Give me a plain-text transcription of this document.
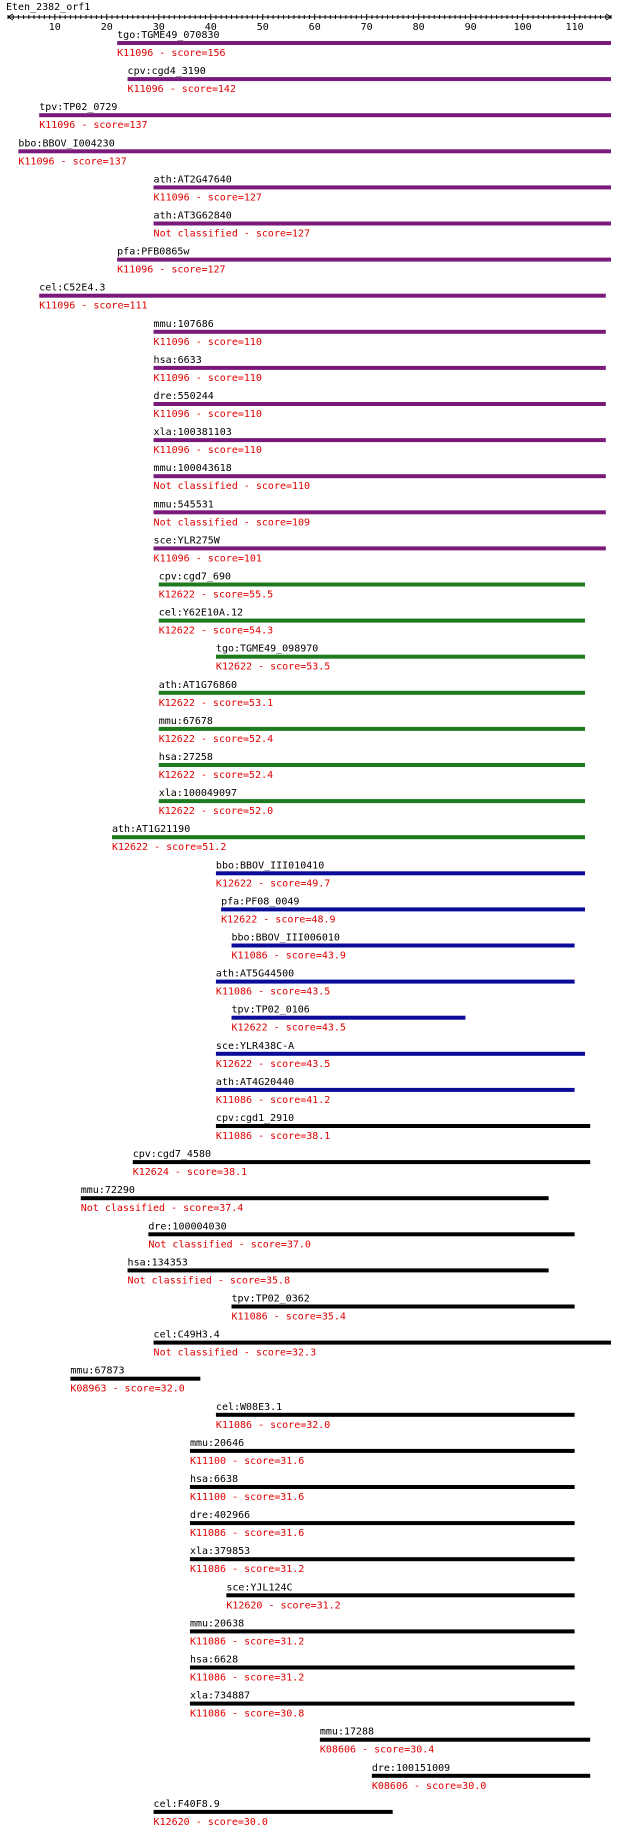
Eten_2382_orf1
10	20	30	40	50	60	70	80	90	100	110
tgo:TGME49_070830
K11096 - score=156
cpv:cgd4_3190
K11096 - score=142
tpv:TP02_0729
K11096 - score=137
bbo:BBOV_I004230
K11096 - score=137
ath:AT2G47640
K11096 - score=127
ath:AT3G62840
Not classified - score=127
pfa:PFB0865w
K11096 - score=127
cel:C52E4.3
K11096 - score=111
mmu:107686
K11096 - score=110
hsa:6633
K11096 - score=110
dre:550244
K11096 - score=110
xla:100381103
K11096 - score=110
mmu:100043618
Not classified - score=110
mmu:545531
Not classified - score=109
sce:YLR275W
K11096 - score=101
cpv:cgd7_690
K12622 - score=55.5
cel:Y62E10A.12
K12622 - score=54.3
tgo:TGME49_098970
K12622 - score=53.5
ath:AT1G76860
K12622 - score=53.1
mmu:67678
K12622 - score=52.4
hsa:27258
K12622 - score=52.4
xla:100049097
K12622 - score=52.0
ath:AT1G21190
K12622 - score=51.2
bbo:BBOV_III010410
K12622 - score=49.7
pfa:PF08_0049
K12622 - score=48.9
bbo:BBOV_III006010
K11086 - score=43.9
ath:AT5G44500
K11086 - score=43.5
tpv:TP02_0106
K12622 - score=43.5
sce:YLR438C-A
K12622 - score=43.5
ath:AT4G20440
K11086 - score=41.2
cpv:cgd1_2910
K11086 - score=38.1
cpv:cgd7_4580
K12624 - score=38.1
mmu:72290
Not classified - score=37.4
dre:100004030
Not classified - score=37.0
hsa:134353
Not classified - score=35.8
tpv:TP02_0362
K11086 - score=35.4
cel:C49H3.4
Not classified - score=32.3
mmu:67873
K08963 - score=32.0
cel:W08E3.1
K11086 - score=32.0
mmu:20646
K11100 - score=31.6
hsa:6638
K11100 - score=31.6
dre:402966
K11086 - score=31.6
xla:379853
K11086 - score=31.2
sce:YJL124C
K12620 - score=31.2
mmu:20638
K11086 - score=31.2
hsa:6628
K11086 - score=31.2
xla:734887
K11086 - score=30.8
mmu:17288
K08606 - score=30.4
dre:100151009
K08606 - score=30.0
cel:F40F8.9
K12620 - score=30.0
